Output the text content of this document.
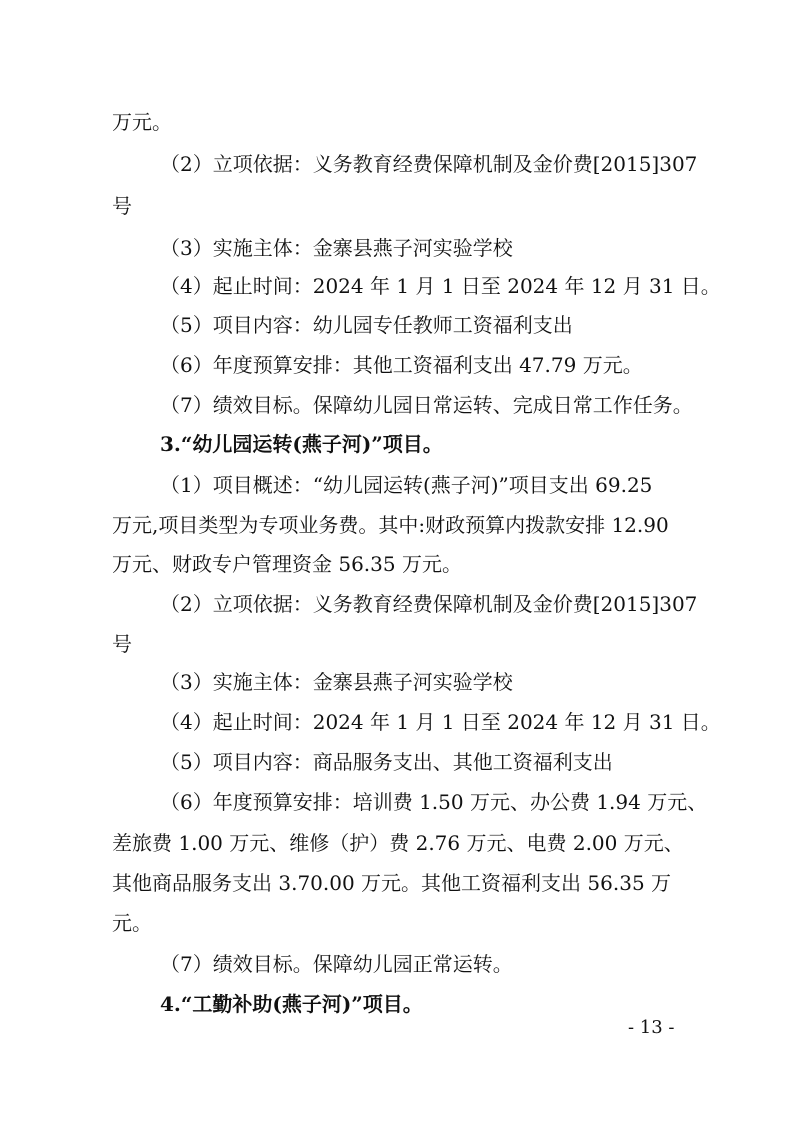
万元。
（2）立项依据：义务教育经费保障机制及金价费[2015]307
号
（3）实施主体：金寨县燕子河实验学校
（4）起止时间：2024 年 1 月 1 日至 2024 年 12 月 31 日。
（5）项目内容：幼儿园专任教师工资福利支出
（6）年度预算安排：其他工资福利支出 47.79 万元。
（7）绩效目标。保障幼儿园日常运转、完成日常工作任务。
3.“幼儿园运转(燕子河)”项目。
（1）项目概述：“幼儿园运转(燕子河)”项目支出 69.25
万元,项目类型为专项业务费。其中:财政预算内拨款安排 12.90
万元、财政专户管理资金 56.35 万元。
（2）立项依据：义务教育经费保障机制及金价费[2015]307
号
（3）实施主体：金寨县燕子河实验学校
（4）起止时间：2024 年 1 月 1 日至 2024 年 12 月 31 日。
（5）项目内容：商品服务支出、其他工资福利支出
（6）年度预算安排：培训费 1.50 万元、办公费 1.94 万元、
差旅费 1.00 万元、维修（护）费 2.76 万元、电费 2.00 万元、
其他商品服务支出 3.70.00 万元。其他工资福利支出 56.35 万
元。
（7）绩效目标。保障幼儿园正常运转。
4.“工勤补助(燕子河)”项目。
- 13 -
